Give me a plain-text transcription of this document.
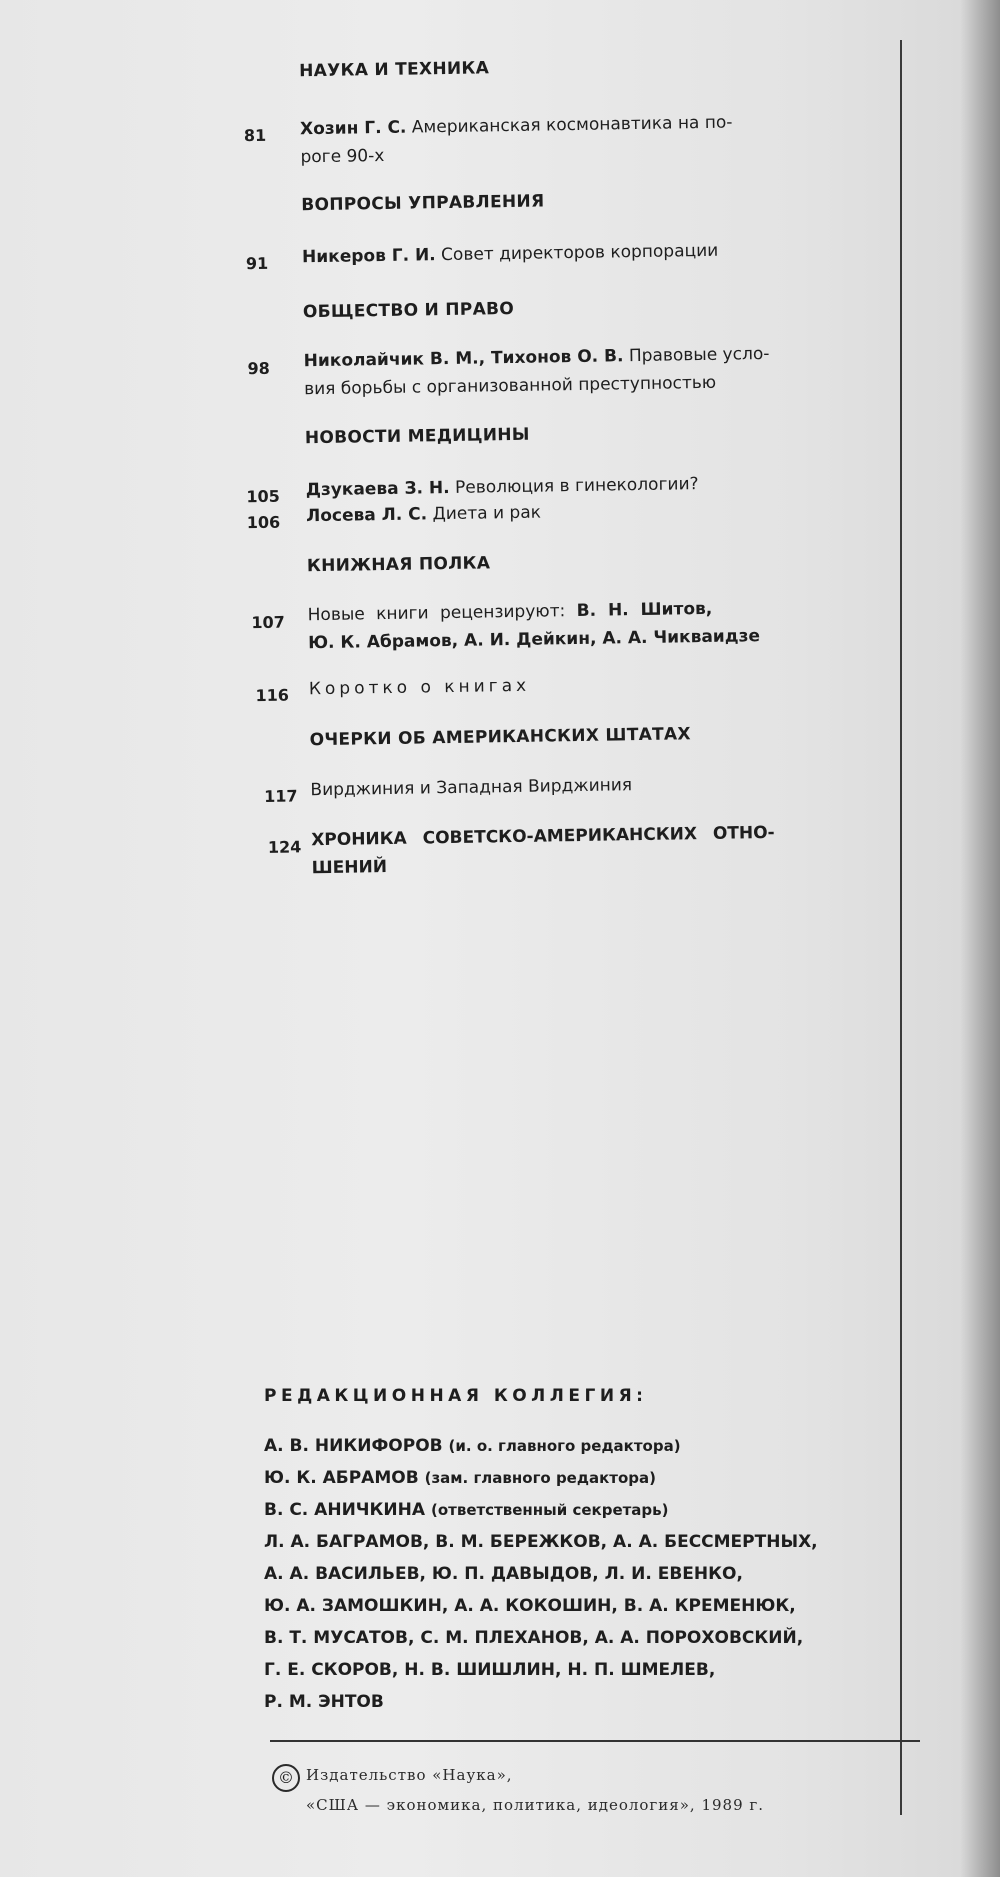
НАУКА И ТЕХНИКА
81 Хозин Г. С. Американская космонавтика на по-
роге 90-х
ВОПРОСЫ УПРАВЛЕНИЯ
91 Никеров Г. И. Совет директоров корпорации
ОБЩЕСТВО И ПРАВО
98 Николайчик В. М., Тихонов О. В. Правовые усло-
вия борьбы с организованной преступностью
НОВОСТИ МЕДИЦИНЫ
105 Дзукаева З. Н. Революция в гинекологии?
106 Лосева Л. С. Диета и рак
КНИЖНАЯ ПОЛКА
107 Новые книги рецензируют: В. Н. Шитов,
Ю. К. Абрамов, А. И. Дейкин, А. А. Чикваидзе
116 Коротко о книгах
ОЧЕРКИ ОБ АМЕРИКАНСКИХ ШТАТАХ
117 Вирджиния и Западная Вирджиния
124 ХРОНИКА СОВЕТСКО-АМЕРИКАНСКИХ ОТНО-
ШЕНИЙ
РЕДАКЦИОННАЯ КОЛЛЕГИЯ:
А. В. НИКИФОРОВ (и. о. главного редактора)
Ю. К. АБРАМОВ (зам. главного редактора)
В. С. АНИЧКИНА (ответственный секретарь)
Л. А. БАГРАМОВ, В. М. БЕРЕЖКОВ, А. А. БЕССМЕРТНЫХ,
А. А. ВАСИЛЬЕВ, Ю. П. ДАВЫДОВ, Л. И. ЕВЕНКО,
Ю. А. ЗАМОШКИН, А. А. КОКОШИН, В. А. КРЕМЕНЮК,
В. Т. МУСАТОВ, С. М. ПЛЕХАНОВ, А. А. ПОРОХОВСКИЙ,
Г. Е. СКОРОВ, Н. В. ШИШЛИН, Н. П. ШМЕЛЕВ,
Р. М. ЭНТОВ
© Издательство «Наука»,
«США — экономика, политика, идеология», 1989 г.
